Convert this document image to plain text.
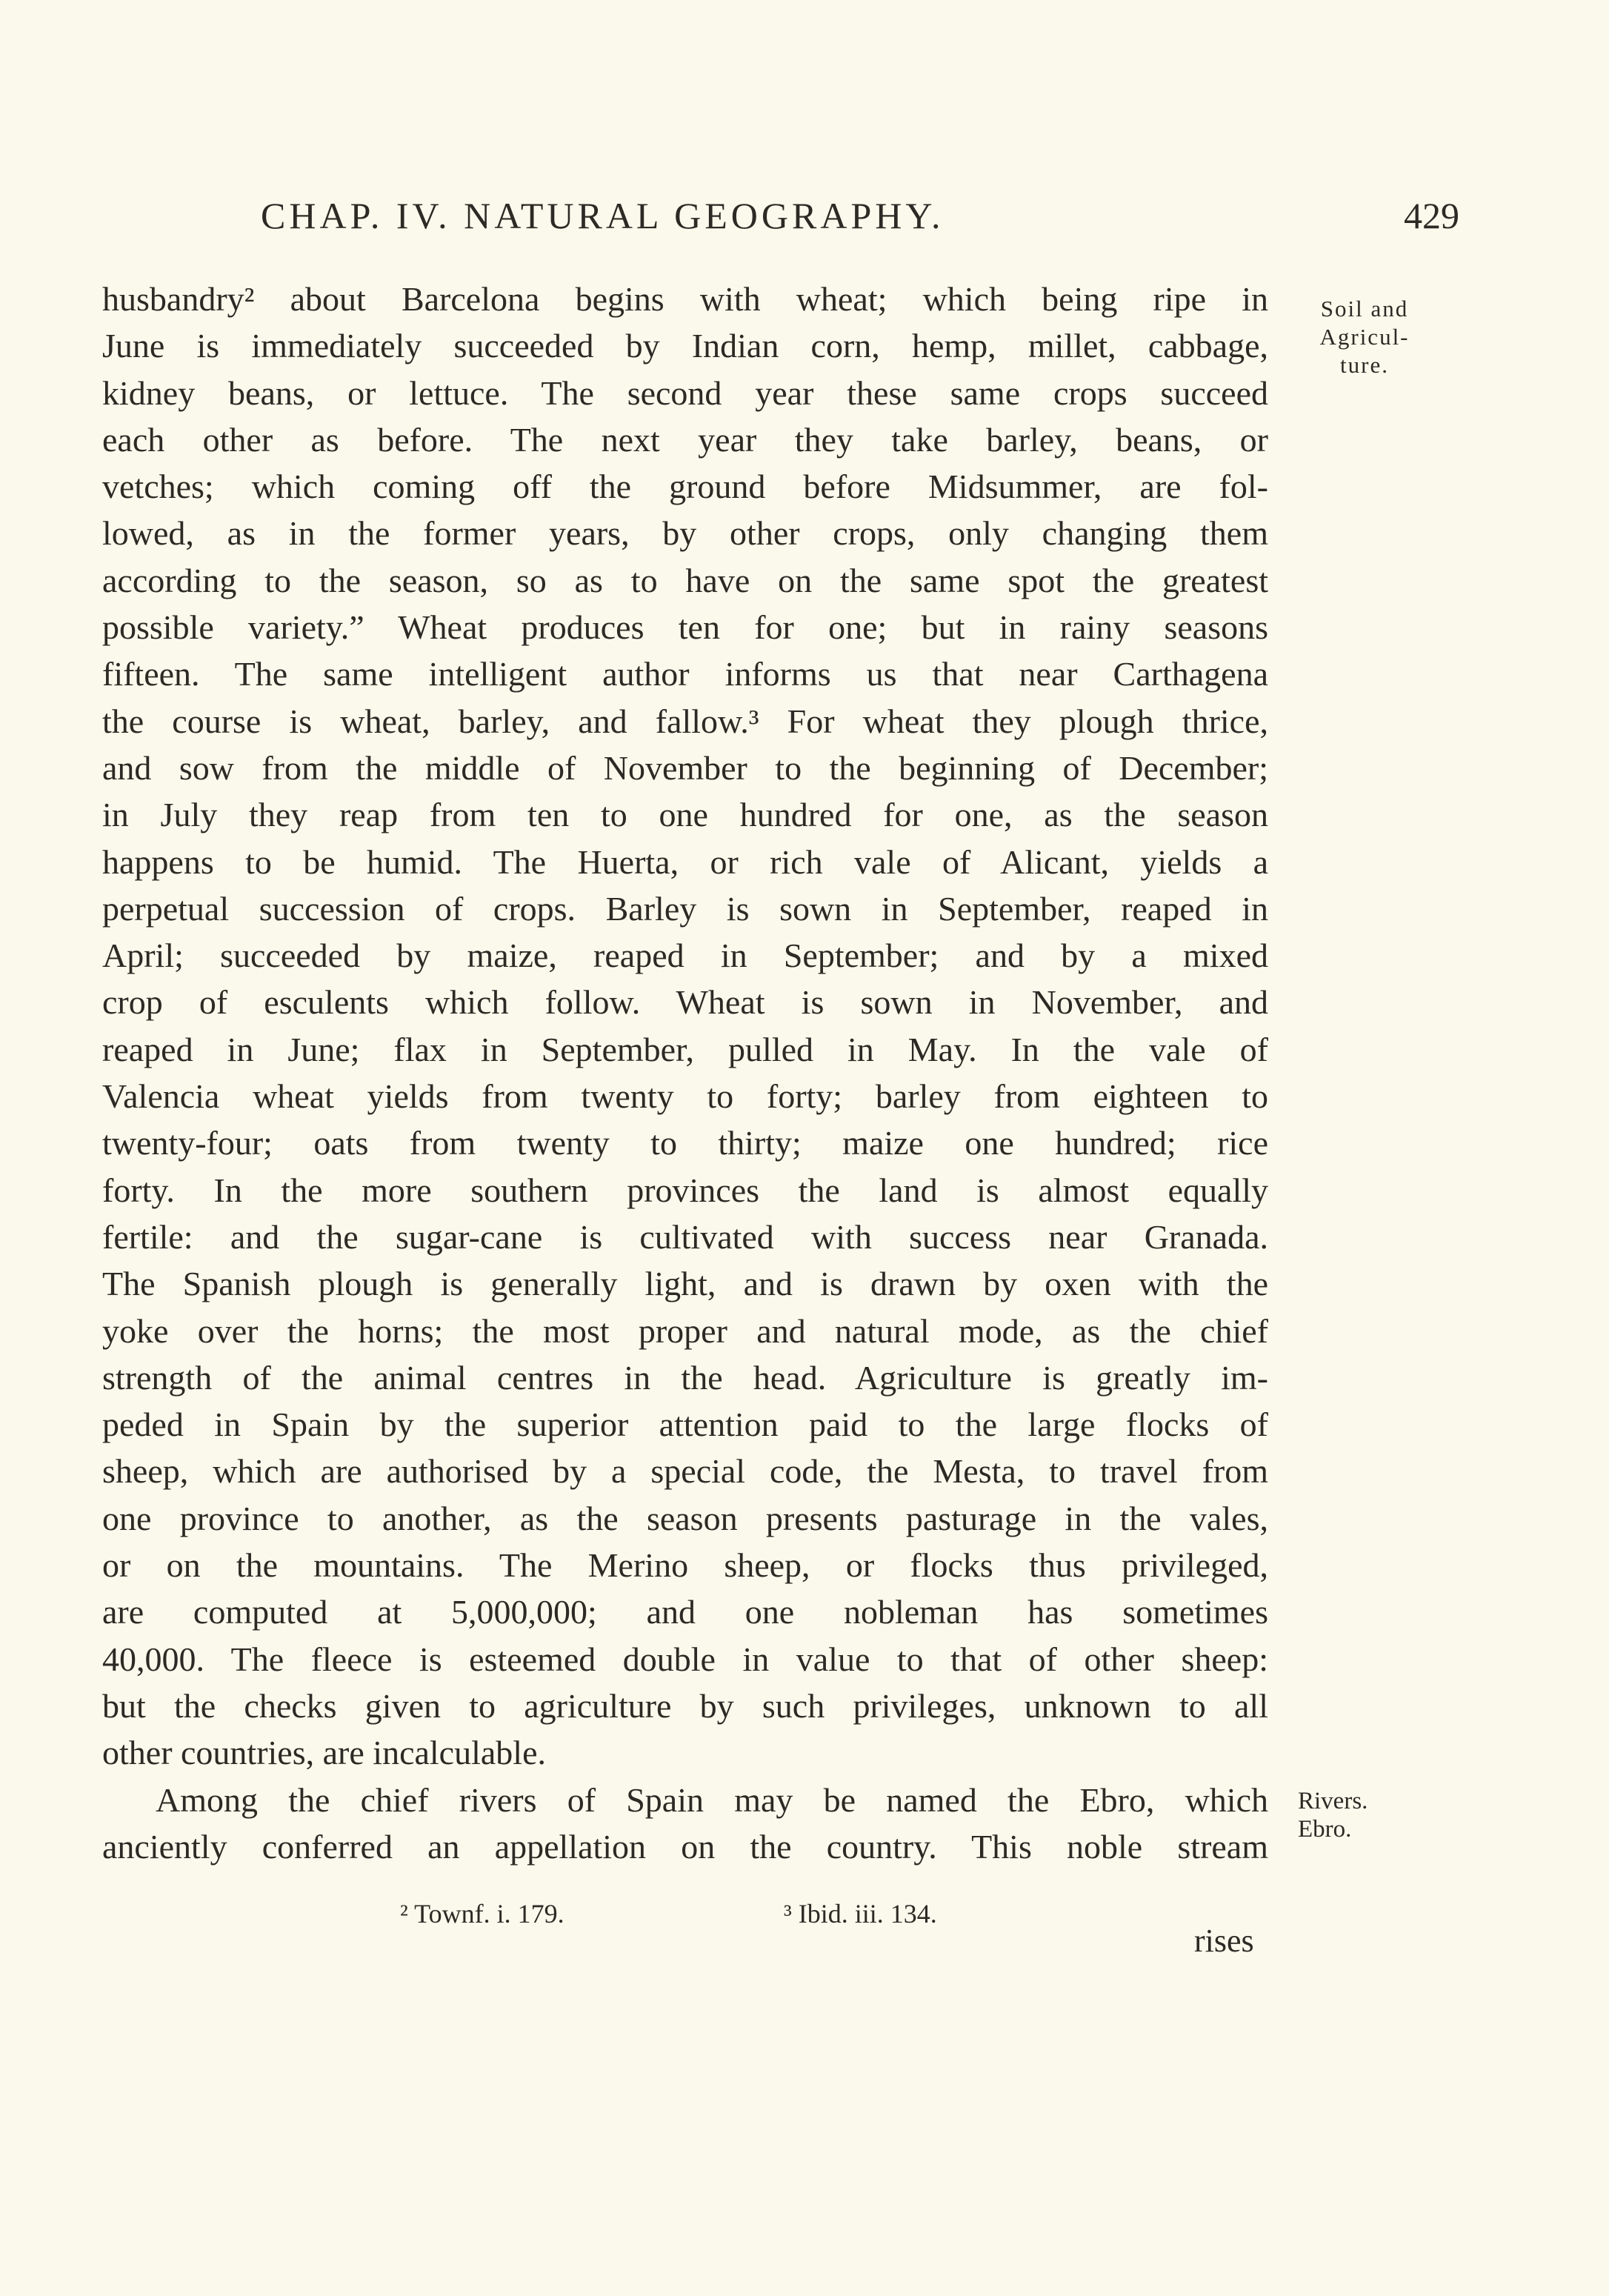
CHAP. IV. NATURAL GEOGRAPHY.	429
husbandry² about Barcelona begins with wheat; which being ripe in
June is immediately succeeded by Indian corn, hemp, millet, cabbage,
kidney beans, or lettuce. The second year these same crops succeed
each other as before. The next year they take barley, beans, or
vetches; which coming off the ground before Midsummer, are fol-
lowed, as in the former years, by other crops, only changing them
according to the season, so as to have on the same spot the greatest
possible variety.” Wheat produces ten for one; but in rainy seasons
fifteen. The same intelligent author informs us that near Carthagena
the course is wheat, barley, and fallow.³ For wheat they plough thrice,
and sow from the middle of November to the beginning of December;
in July they reap from ten to one hundred for one, as the season
happens to be humid. The Huerta, or rich vale of Alicant, yields a
perpetual succession of crops. Barley is sown in September, reaped in
April; succeeded by maize, reaped in September; and by a mixed
crop of esculents which follow. Wheat is sown in November, and
reaped in June; flax in September, pulled in May. In the vale of
Valencia wheat yields from twenty to forty; barley from eighteen to
twenty-four; oats from twenty to thirty; maize one hundred; rice
forty. In the more southern provinces the land is almost equally
fertile: and the sugar-cane is cultivated with success near Granada.
The Spanish plough is generally light, and is drawn by oxen with the
yoke over the horns; the most proper and natural mode, as the chief
strength of the animal centres in the head. Agriculture is greatly im-
peded in Spain by the superior attention paid to the large flocks of
sheep, which are authorised by a special code, the Mesta, to travel from
one province to another, as the season presents pasturage in the vales,
or on the mountains. The Merino sheep, or flocks thus privileged,
are computed at 5,000,000; and one nobleman has sometimes
40,000. The fleece is esteemed double in value to that of other sheep:
but the checks given to agriculture by such privileges, unknown to all
other countries, are incalculable.
Among the chief rivers of Spain may be named the Ebro, which
anciently conferred an appellation on the country. This noble stream
Soil and
Agricul-
ture.
Rivers.
Ebro.
² Townf. i. 179.	³ Ibid. iii. 134.
rises
